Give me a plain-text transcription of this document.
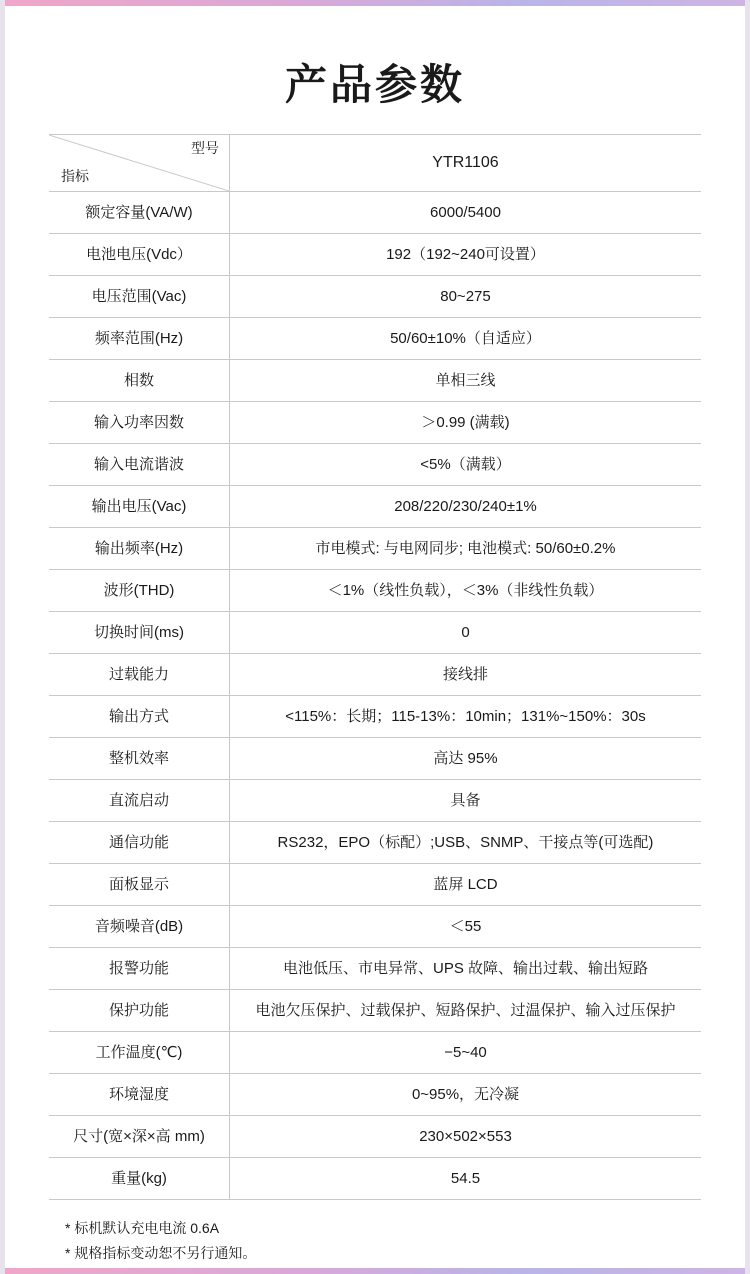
产品参数
型号
指标	YTR1106
额定容量(VA/W)	6000/5400
电池电压(Vdc）	192（192~240可设置）
电压范围(Vac)	80~275
频率范围(Hz)	50/60±10%（自适应）
相数	单相三线
输入功率因数	＞0.99 (满载)
输入电流谐波	<5%（满载）
输出电压(Vac)	208/220/230/240±1%
输出频率(Hz)	市电模式: 与电网同步; 电池模式: 50/60±0.2%
波形(THD)	＜1%（线性负载），＜3%（非线性负载）
切换时间(ms)	0
过载能力	接线排
输出方式	<115%：长期；115-13%：10min；131%~150%：30s
整机效率	高达 95%
直流启动	具备
通信功能	RS232，EPO（标配）;USB、SNMP、干接点等(可选配)
面板显示	蓝屏 LCD
音频噪音(dB)	＜55
报警功能	电池低压、市电异常、UPS 故障、输出过载、输出短路
保护功能	电池欠压保护、过载保护、短路保护、过温保护、输入过压保护
工作温度(℃)	−5~40
环境湿度	0~95%，无冷凝
尺寸(宽×深×高 mm)	230×502×553
重量(kg)	54.5
* 标机默认充电电流 0.6A
* 规格指标变动恕不另行通知。
